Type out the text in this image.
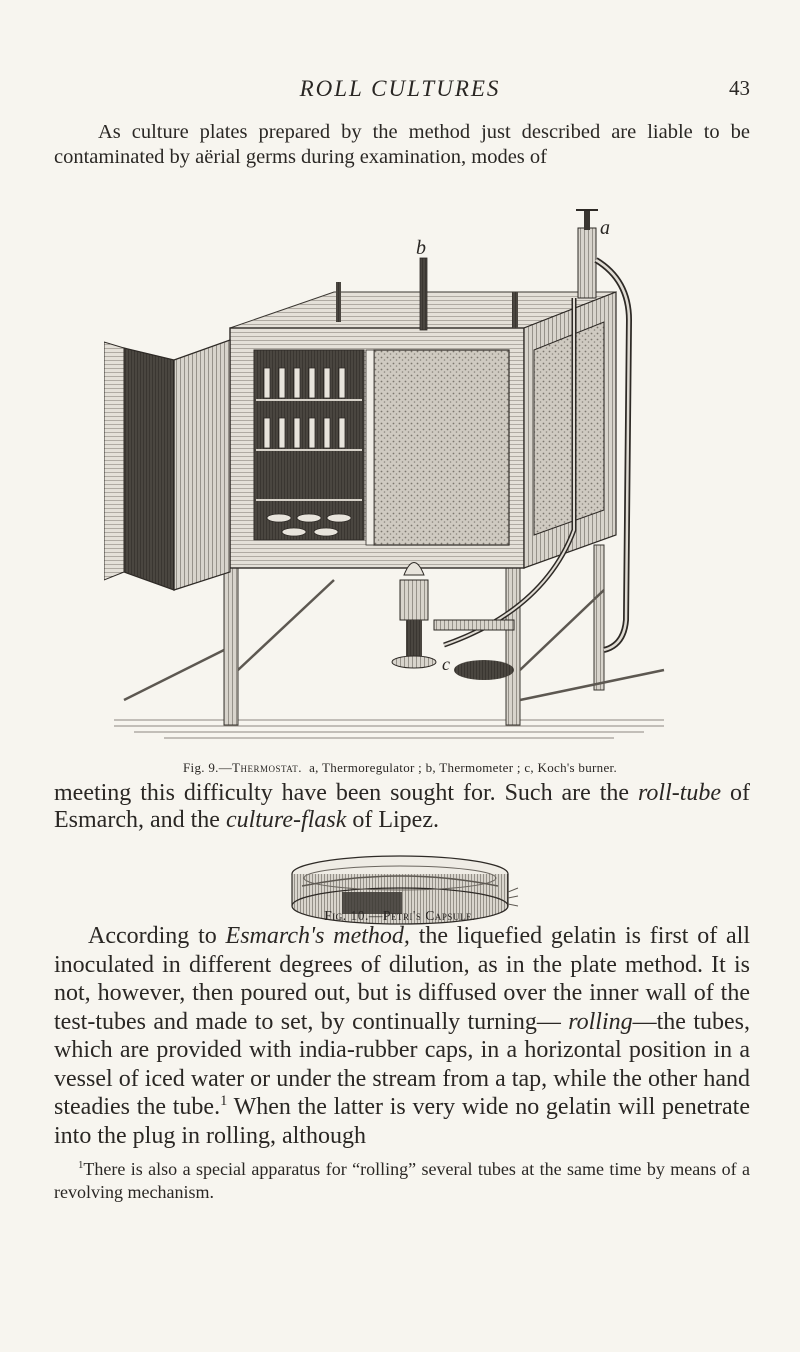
ROLL CULTURES	43

As culture plates prepared by the method just described are liable to be contaminated by aërial germs during examination, modes of

b
a
c
Fig. 9.—Thermostat. a, Thermoregulator ; b, Thermometer ; c, Koch's burner.

meeting this difficulty have been sought for. Such are the roll-tube of Esmarch, and the culture-flask of Lipez.

Fig. 10.—Petri's Capsule.

According to Esmarch's method, the liquefied gelatin is first of all inoculated in different degrees of dilution, as in the plate method. It is not, however, then poured out, but is diffused over the inner wall of the test-tubes and made to set, by continually turning— rolling—the tubes, which are provided with india-rubber caps, in a horizontal position in a vessel of iced water or under the stream from a tap, while the other hand steadies the tube.$^1$ When the latter is very wide no gelatin will penetrate into the plug in rolling, although

$^1$There is also a special apparatus for “rolling” several tubes at the same time by means of a revolving mechanism.
